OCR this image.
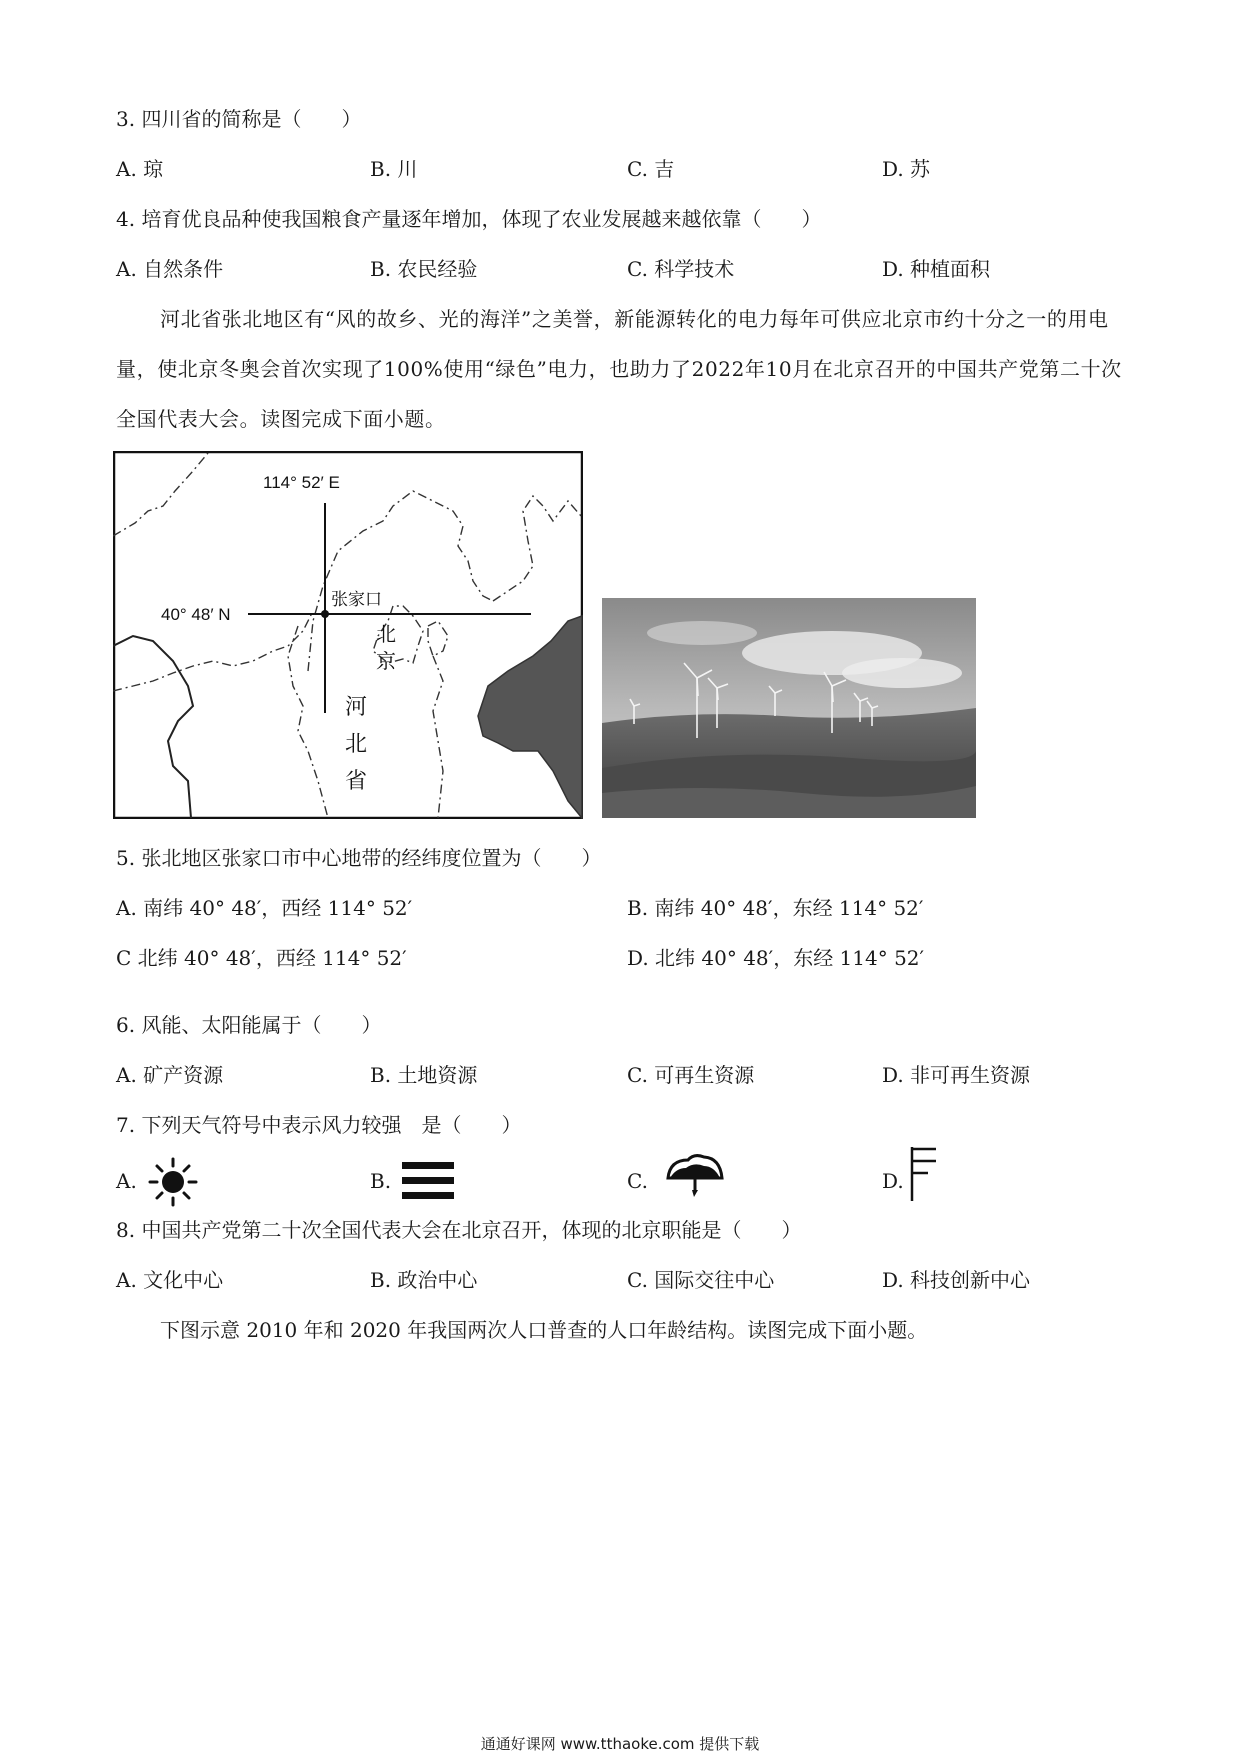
3. 四川省的简称是（　　）
A. 琼	B. 川	C. 吉	D. 苏
4. 培育优良品种使我国粮食产量逐年增加，体现了农业发展越来越依靠（　　）
A. 自然条件	B. 农民经验	C. 科学技术	D. 种植面积
河北省张北地区有“风的故乡、光的海洋”之美誉，新能源转化的电力每年可供应北京市约十分之一的用电量，使北京冬奥会首次实现了100%使用“绿色”电力，也助力了2022年10月在北京召开的中国共产党第二十次全国代表大会。读图完成下面小题。
114° 52′ E
40° 48′ N
张家口
北
京
河
北
省
5. 张北地区张家口市中心地带的经纬度位置为（　　）
A. 南纬 40° 48′，西经 114° 52′	B. 南纬 40° 48′，东经 114° 52′
C 北纬 40° 48′，西经 114° 52′	D. 北纬 40° 48′，东经 114° 52′
6. 风能、太阳能属于（　　）
A. 矿产资源	B. 土地资源	C. 可再生资源	D. 非可再生资源
7. 下列天气符号中表示风力较强　是（　　）
A.	B.	C.	D.
8. 中国共产党第二十次全国代表大会在北京召开，体现的北京职能是（　　）
A. 文化中心	B. 政治中心	C. 国际交往中心	D. 科技创新中心
下图示意 2010 年和 2020 年我国两次人口普查的人口年龄结构。读图完成下面小题。
通通好课网 www.tthaoke.com 提供下载
